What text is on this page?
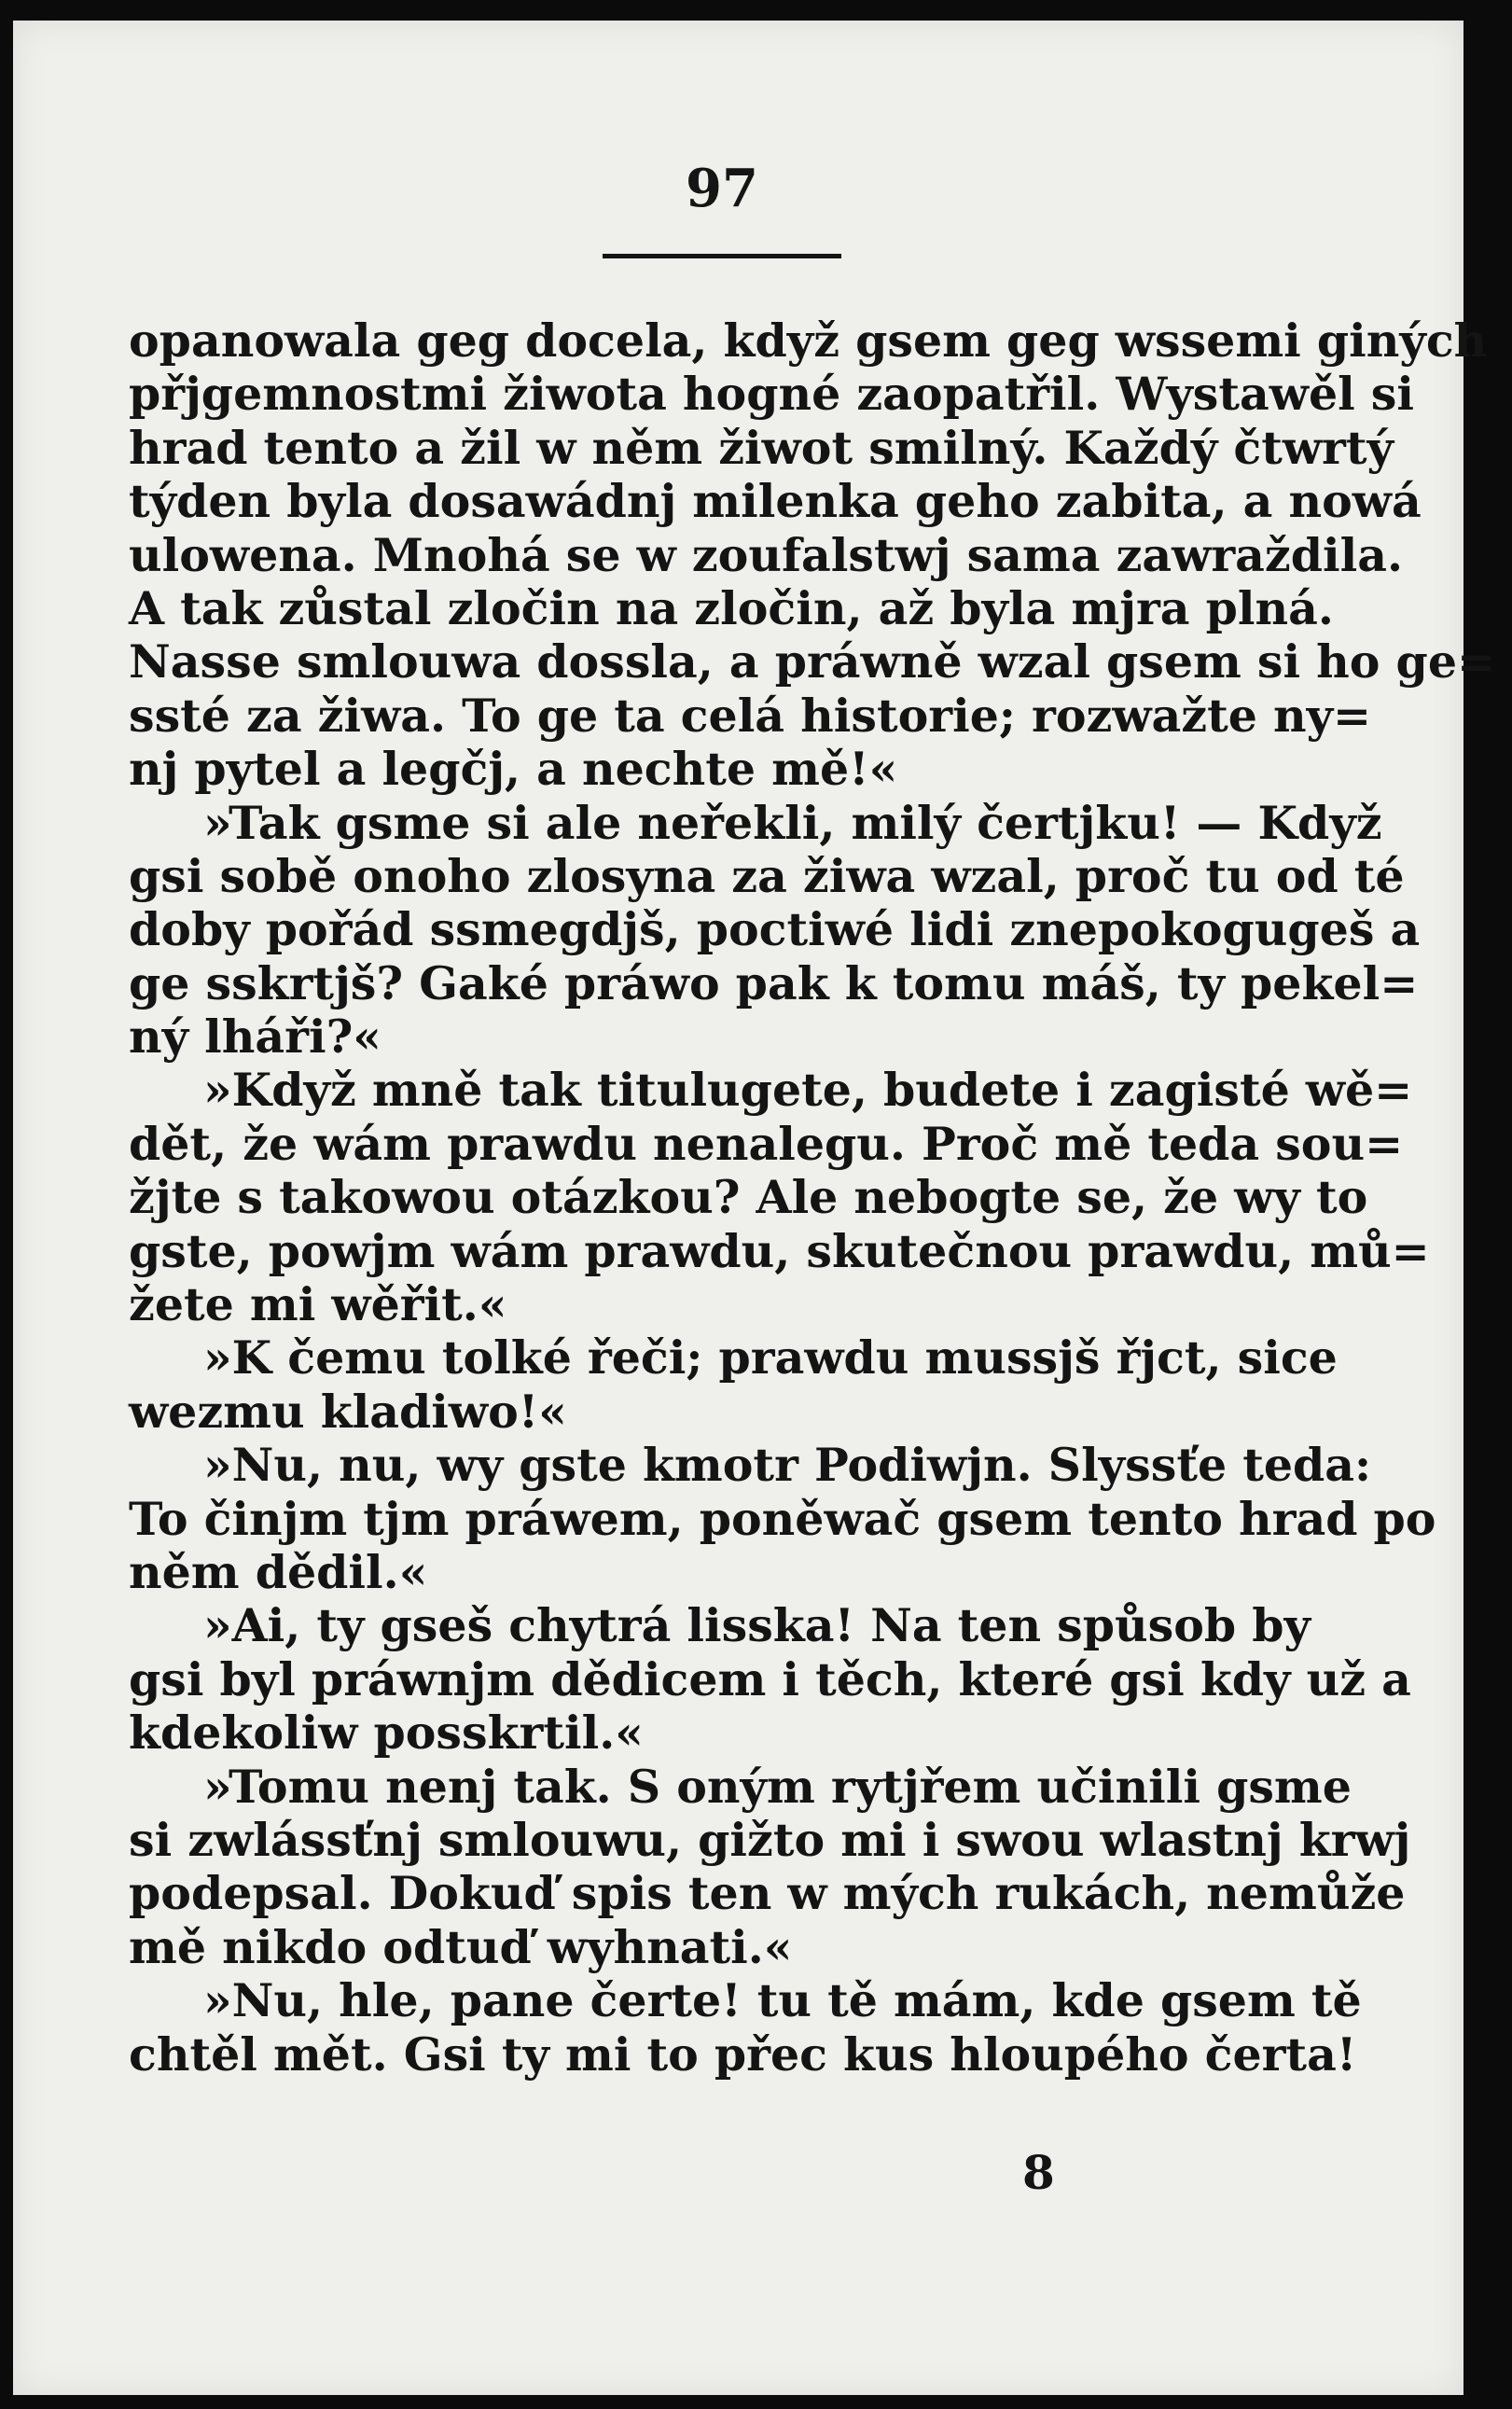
97
opanowala geg docela, když gsem geg wssemi giných
přjgemnostmi žiwota hogné zaopatřil. Wystawěl si
hrad tento a žil w něm žiwot smilný. Každý čtwrtý
týden byla dosawádnj milenka geho zabita, a nowá
ulowena. Mnohá se w zoufalstwj sama zawraždila.
A tak zůstal zločin na zločin, až byla mjra plná.
Nasse smlouwa dossla, a práwně wzal gsem si ho ge=
ssté za žiwa. To ge ta celá historie; rozwažte ny=
nj pytel a legčj, a nechte mě!«
»Tak gsme si ale neřekli, milý čertjku! — Když
gsi sobě onoho zlosyna za žiwa wzal, proč tu od té
doby pořád ssmegdjš, poctiwé lidi znepokogugeš a
ge sskrtjš? Gaké práwo pak k tomu máš, ty pekel=
ný lháři?«
»Když mně tak titulugete, budete i zagisté wě=
dět, že wám prawdu nenalegu. Proč mě teda sou=
žjte s takowou otázkou? Ale nebogte se, že wy to
gste, powjm wám prawdu, skutečnou prawdu, mů=
žete mi wěřit.«
»K čemu tolké řeči; prawdu mussjš řjct, sice
wezmu kladiwo!«
»Nu, nu, wy gste kmotr Podiwjn. Slyssťe teda:
To činjm tjm práwem, poněwač gsem tento hrad po
něm dědil.«
»Ai, ty gseš chytrá lisska! Na ten spůsob by
gsi byl práwnjm dědicem i těch, které gsi kdy už a
kdekoliw posskrtil.«
»Tomu nenj tak. S oným rytjřem učinili gsme
si zwlássťnj smlouwu, gižto mi i swou wlastnj krwj
podepsal. Dokuď spis ten w mých rukách, nemůže
mě nikdo odtuď wyhnati.«
»Nu, hle, pane čerte! tu tě mám, kde gsem tě
chtěl mět. Gsi ty mi to přec kus hloupého čerta!
8
